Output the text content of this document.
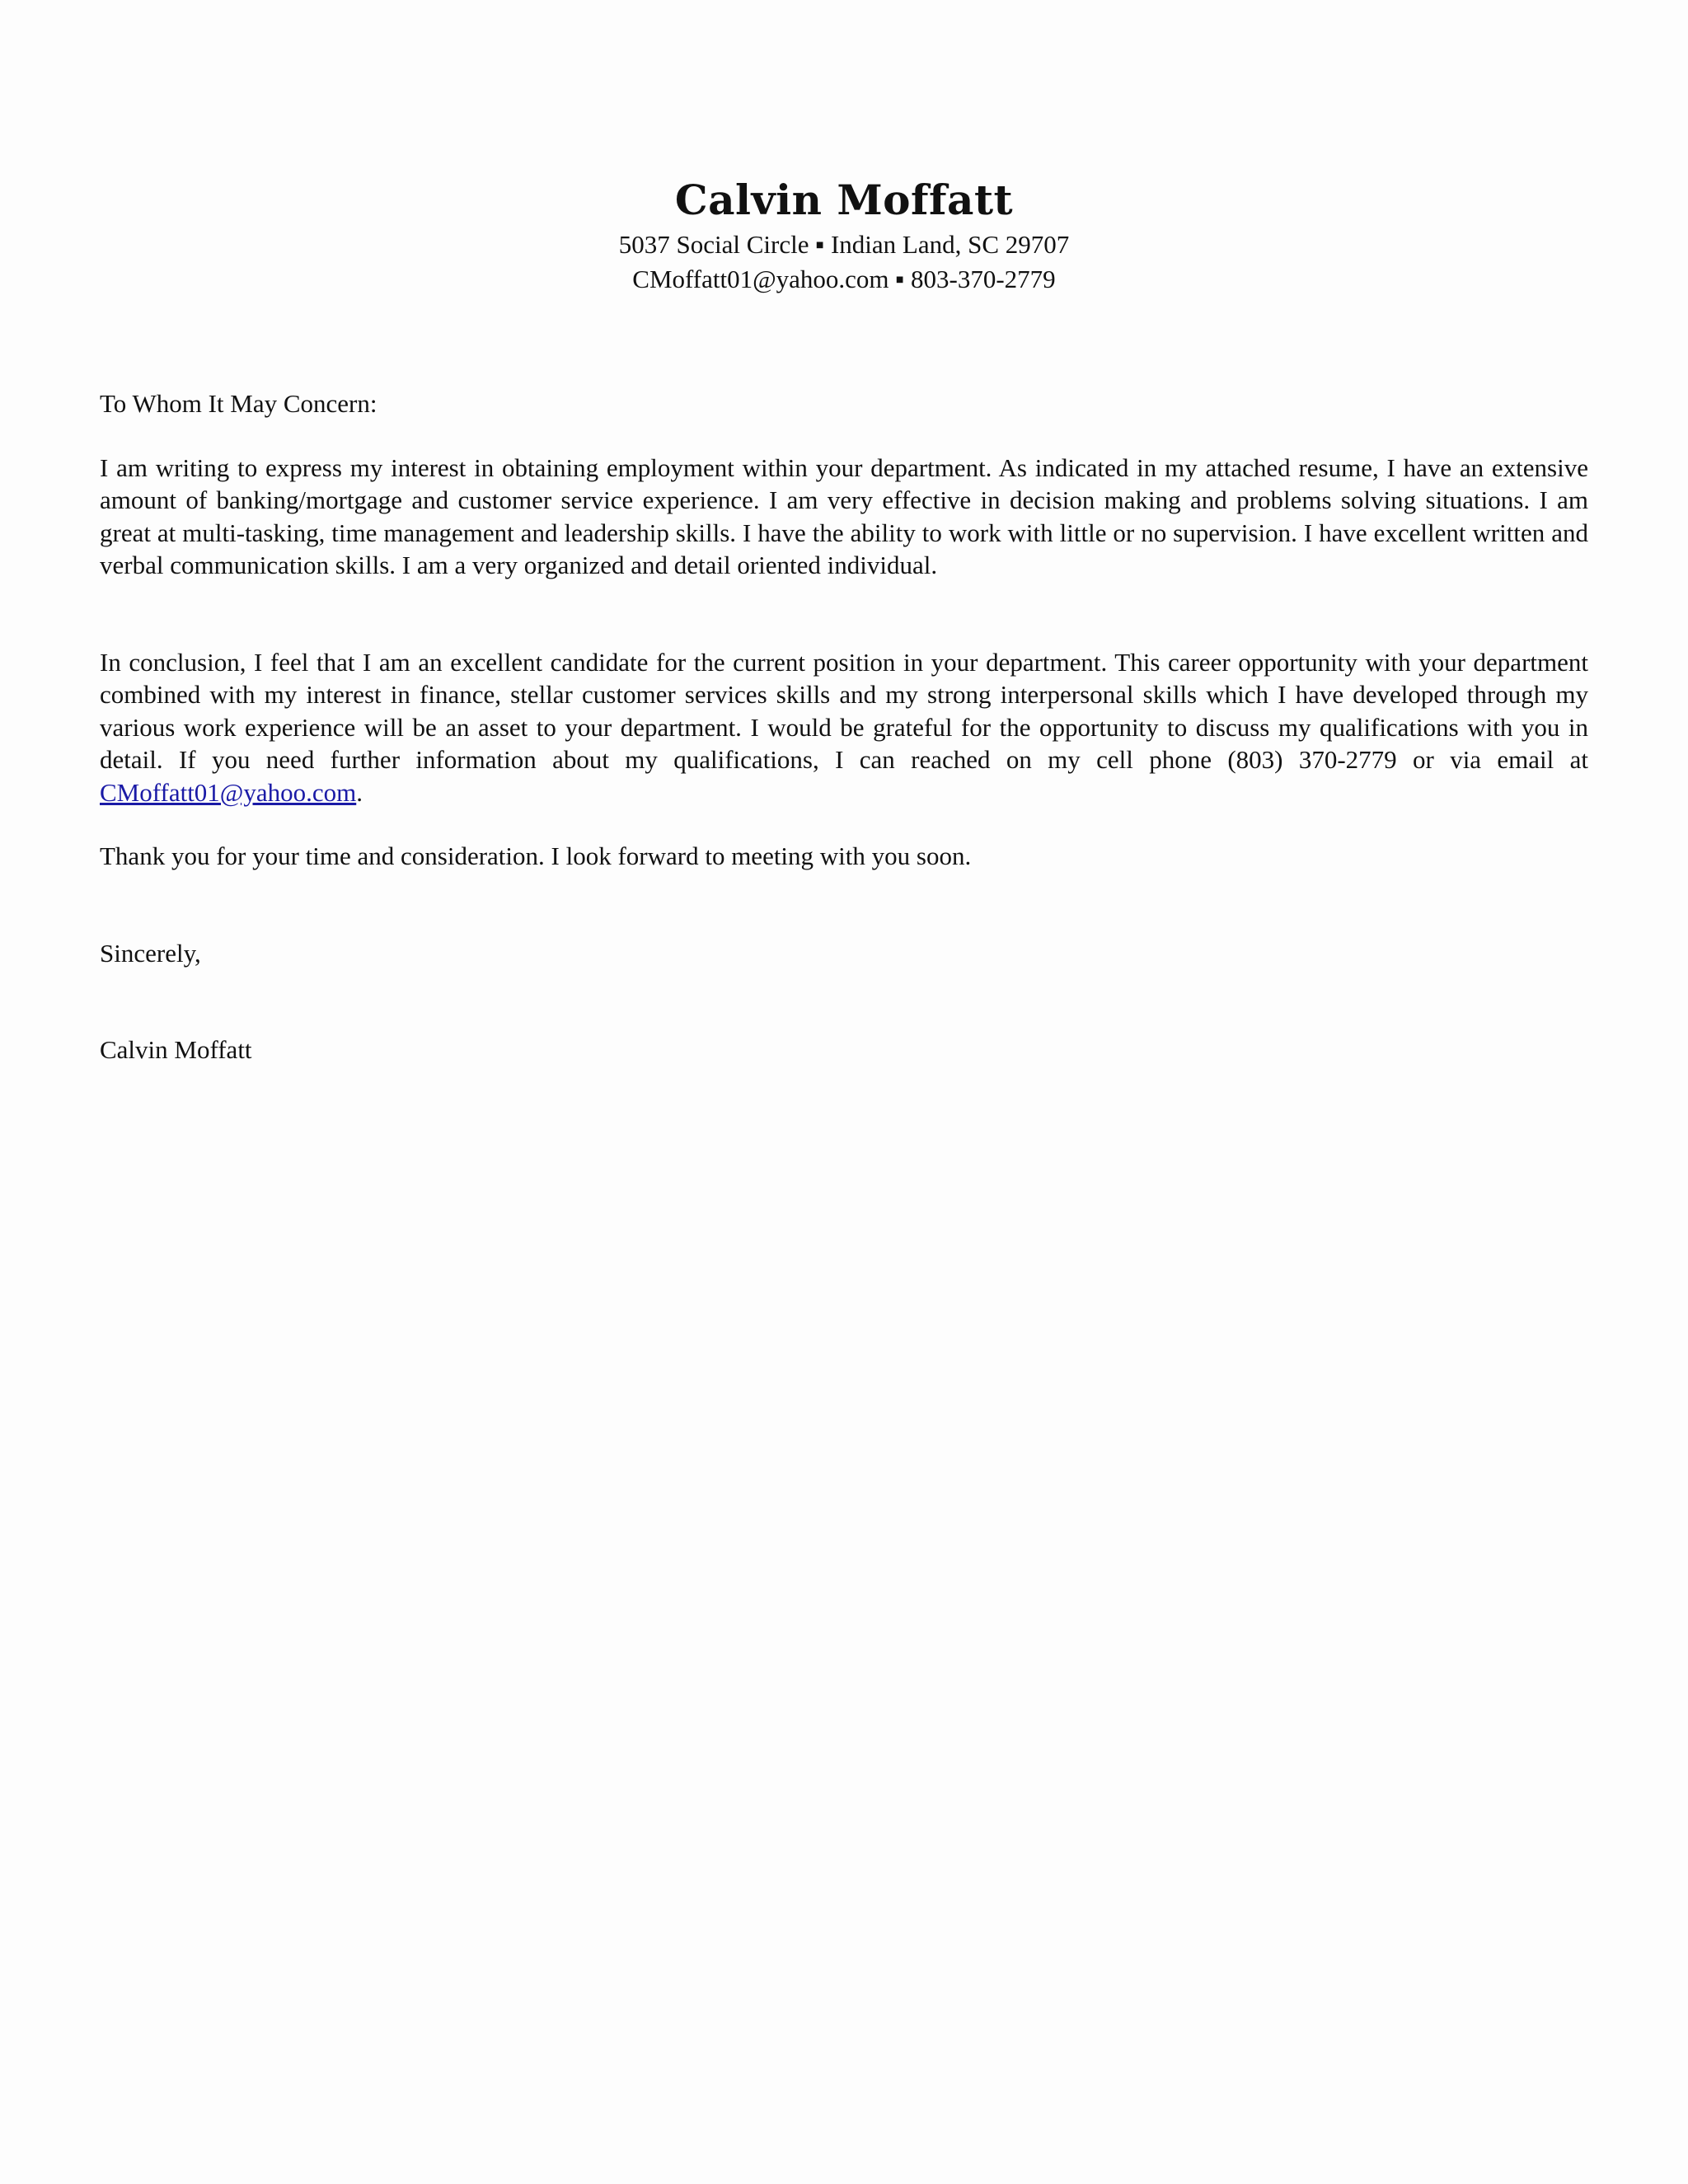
Calvin Moffatt
5037 Social Circle ▪ Indian Land, SC 29707
CMoffatt01@yahoo.com ▪ 803-370-2779

To Whom It May Concern:

I am writing to express my interest in obtaining employment within your department. As indicated in my attached resume, I have an extensive amount of banking/mortgage and customer service experience. I am very effective in decision making and problems solving situations. I am great at multi-tasking, time management and leadership skills. I have the ability to work with little or no supervision. I have excellent written and verbal communication skills. I am a very organized and detail oriented individual.

In conclusion, I feel that I am an excellent candidate for the current position in your department. This career opportunity with your department combined with my interest in finance, stellar customer services skills and my strong interpersonal skills which I have developed through my various work experience will be an asset to your department. I would be grateful for the opportunity to discuss my qualifications with you in detail. If you need further information about my qualifications, I can reached on my cell phone (803) 370-2779 or via email at CMoffatt01@yahoo.com.

Thank you for your time and consideration. I look forward to meeting with you soon.

Sincerely,

Calvin Moffatt
